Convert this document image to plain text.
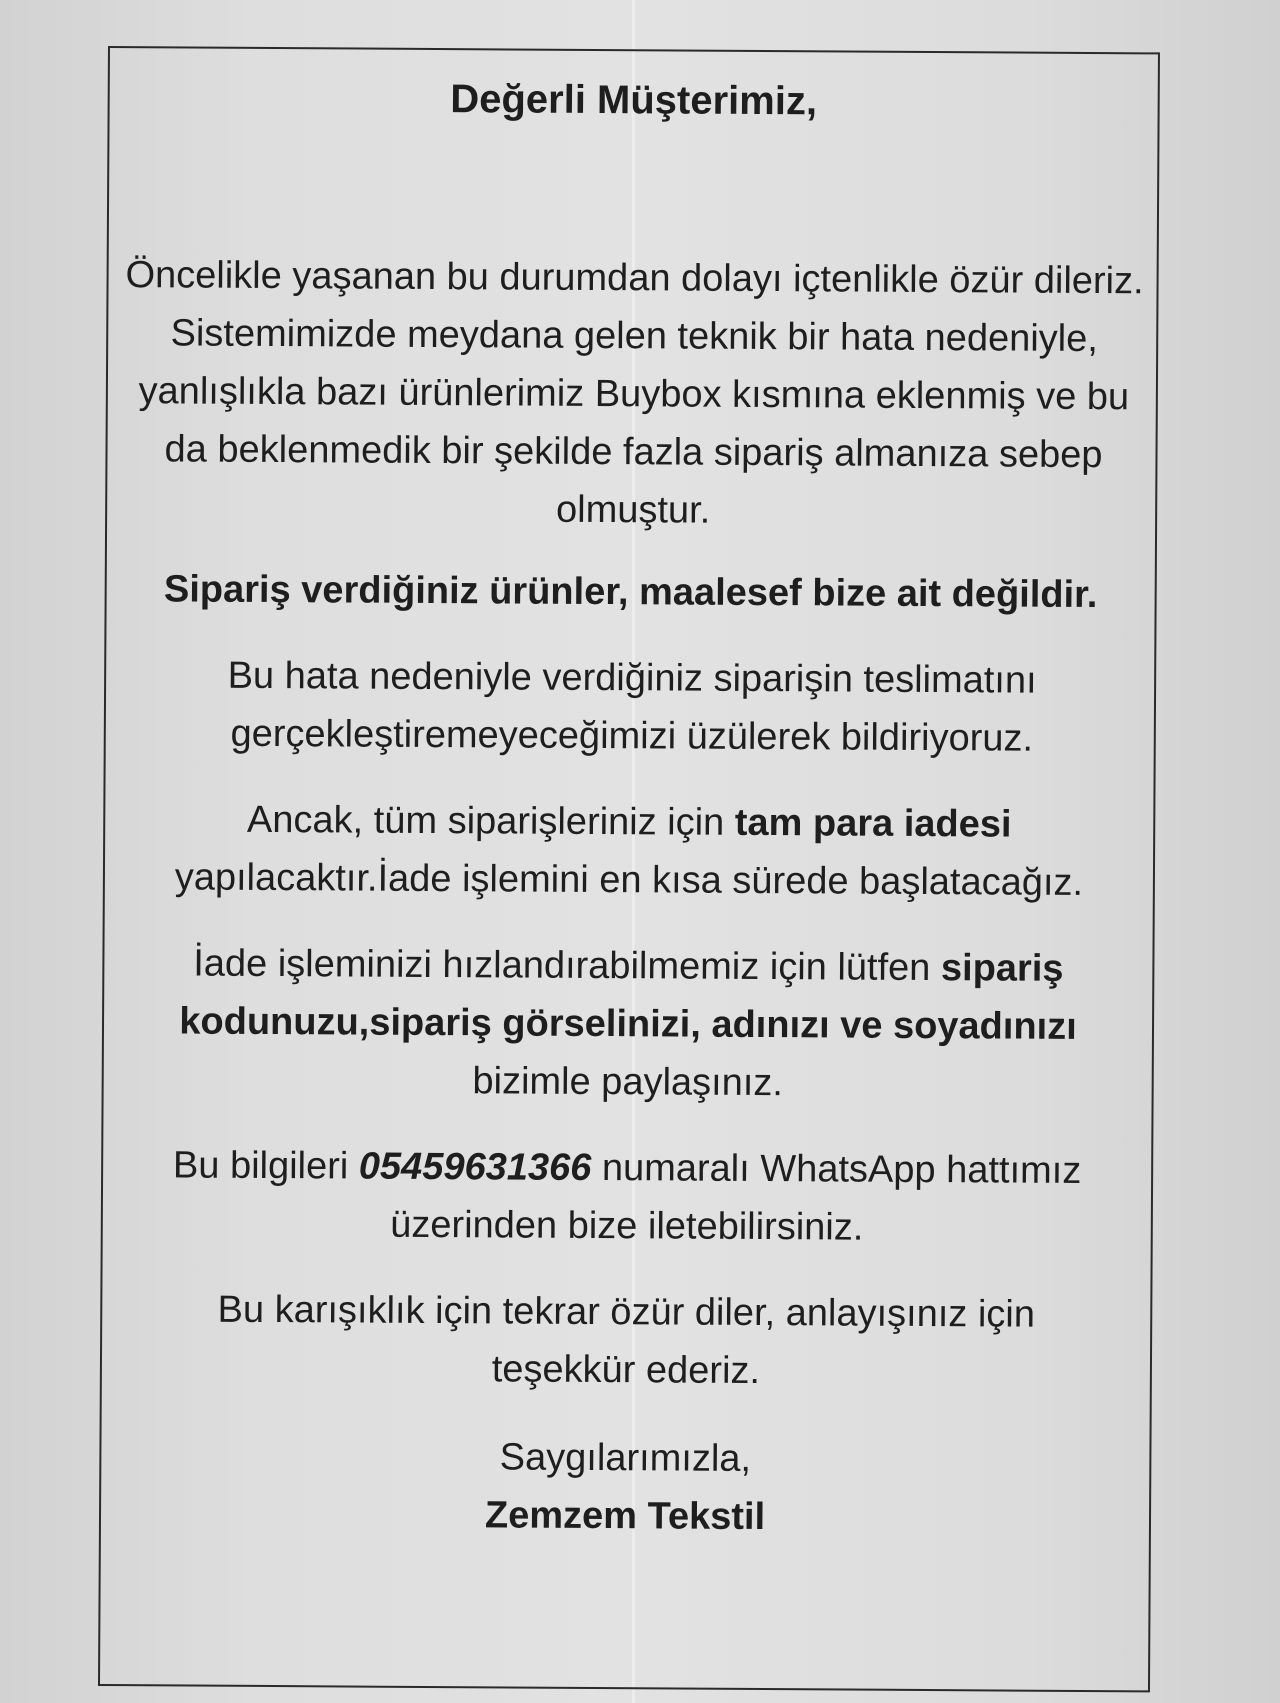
Değerli Müşterimiz,
Öncelikle yaşanan bu durumdan dolayı içtenlikle özür dileriz. Sistemimizde meydana gelen teknik bir hata nedeniyle, yanlışlıkla bazı ürünlerimiz Buybox kısmına eklenmiş ve bu da beklenmedik bir şekilde fazla sipariş almanıza sebep olmuştur.
Sipariş verdiğiniz ürünler, maalesef bize ait değildir.
Bu hata nedeniyle verdiğiniz siparişin teslimatını gerçekleştiremeyeceğimizi üzülerek bildiriyoruz.
Ancak, tüm siparişleriniz için tam para iadesi yapılacaktır.İade işlemini en kısa sürede başlatacağız.
İade işleminizi hızlandırabilmemiz için lütfen sipariş kodunuzu,sipariş görselinizi, adınızı ve soyadınızı bizimle paylaşınız.
Bu bilgileri 05459631366 numaralı WhatsApp hattımız üzerinden bize iletebilirsiniz.
Bu karışıklık için tekrar özür diler, anlayışınız için teşekkür ederiz.
Saygılarımızla,
Zemzem Tekstil
